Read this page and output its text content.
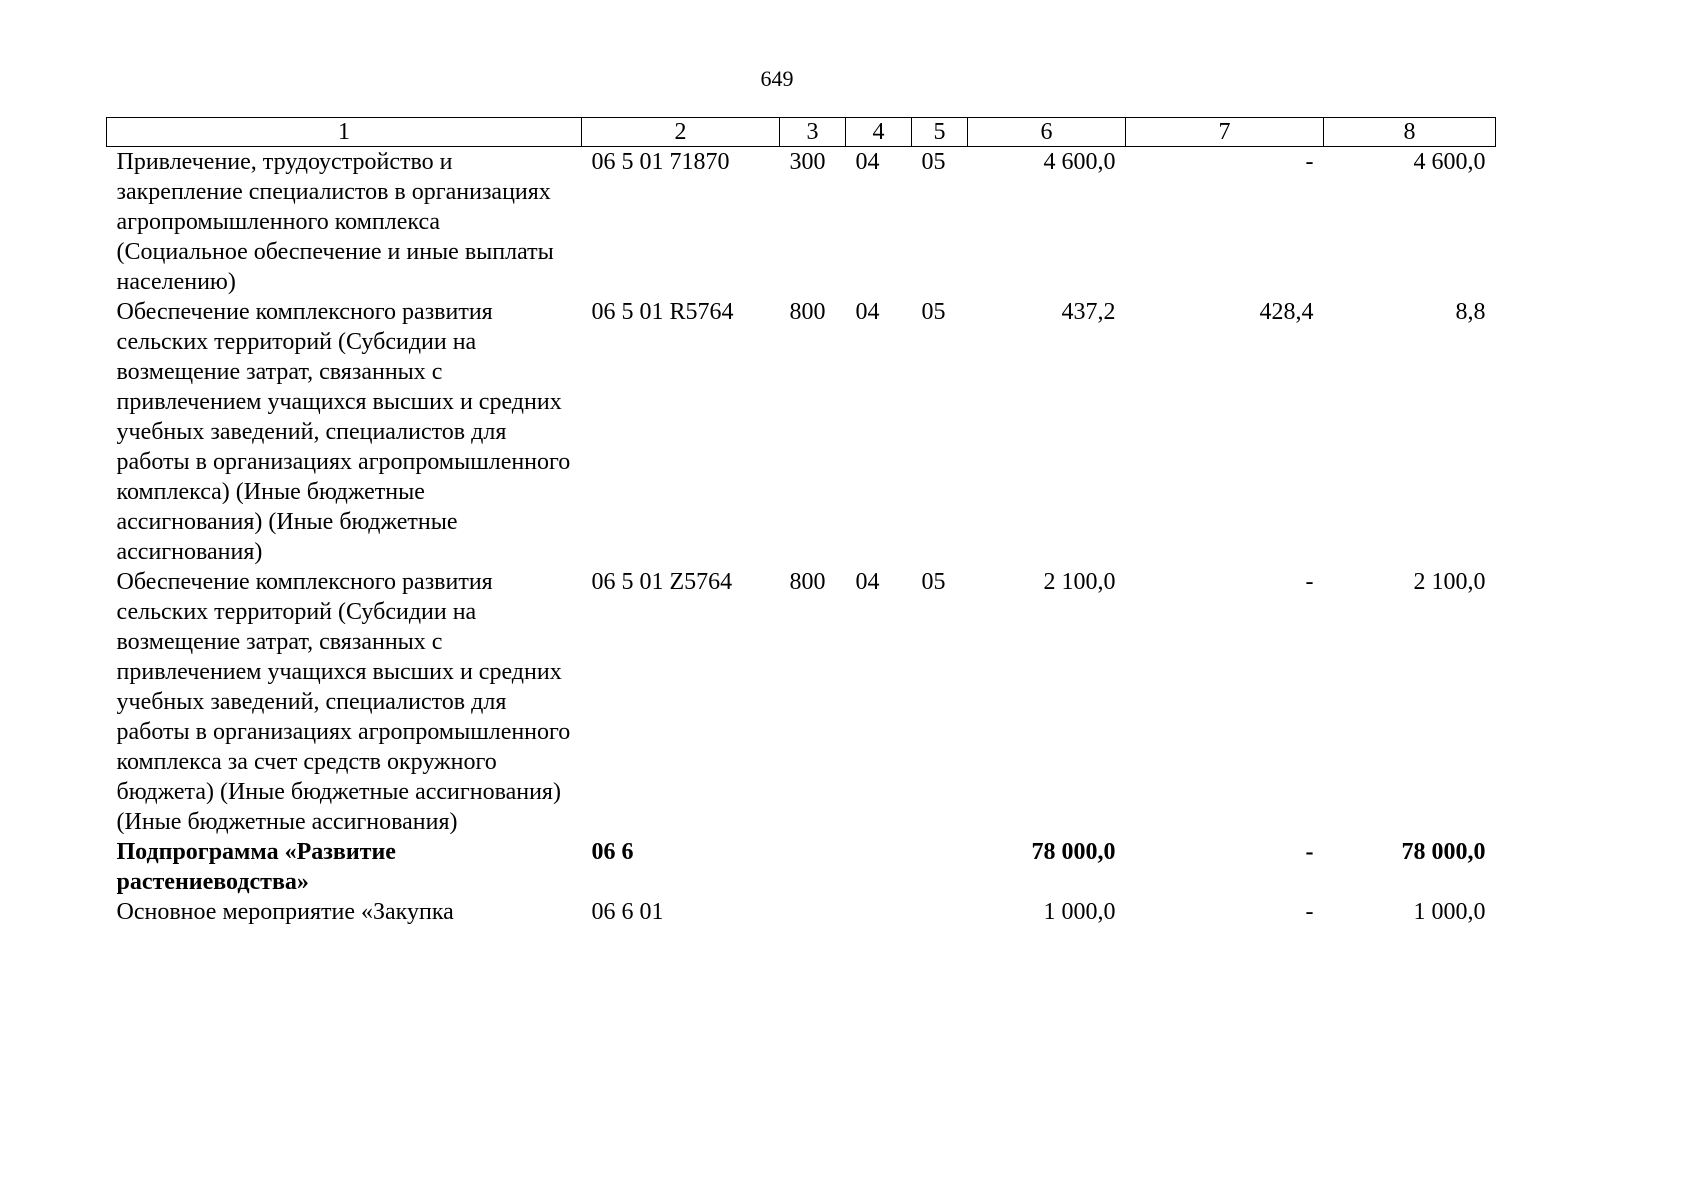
649
1	2	3	4	5	6	7	8
Привлечение, трудоустройство и закрепление специалистов в организациях агропромышленного комплекса (Социальное обеспечение и иные выплаты населению)	06 5 01 71870	300	04	05	4 600,0	-	4 600,0
Обеспечение комплексного развития сельских территорий (Субсидии на возмещение затрат, связанных с привлечением учащихся высших и средних учебных заведений, специалистов для работы в организациях агропромышленного комплекса) (Иные бюджетные ассигнования) (Иные бюджетные ассигнования)	06 5 01 R5764	800	04	05	437,2	428,4	8,8
Обеспечение комплексного развития сельских территорий (Субсидии на возмещение затрат, связанных с привлечением учащихся высших и средних учебных заведений, специалистов для работы в организациях агропромышленного комплекса за счет средств окружного бюджета) (Иные бюджетные ассигнования) (Иные бюджетные ассигнования)	06 5 01 Z5764	800	04	05	2 100,0	-	2 100,0
Подпрограмма «Развитие растениеводства»	06 6				78 000,0	-	78 000,0
Основное мероприятие «Закупка	06 6 01				1 000,0	-	1 000,0
